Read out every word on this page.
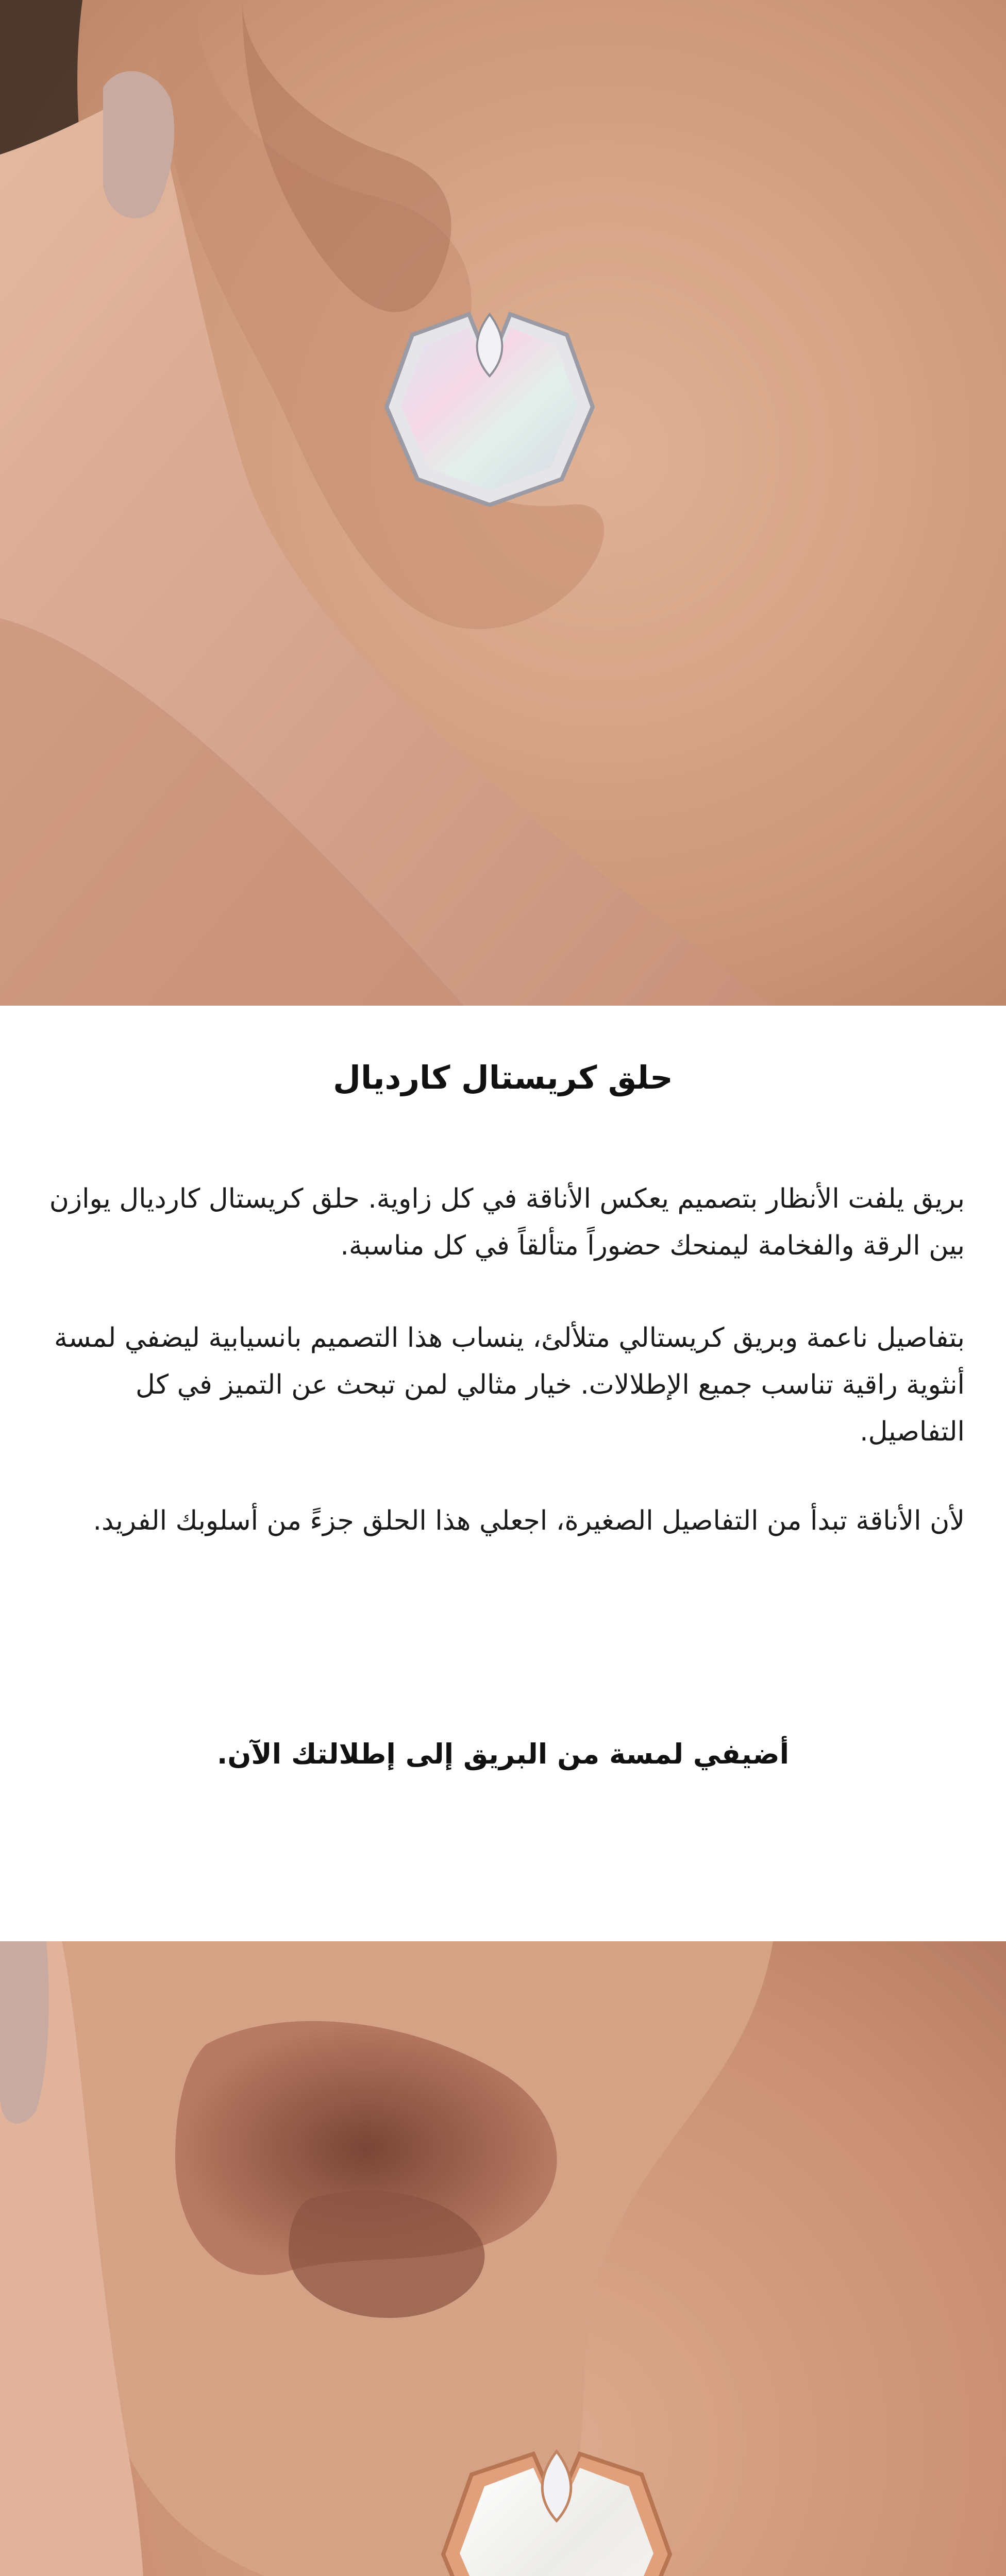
حلق كريستال كارديال

بريق يلفت الأنظار بتصميم يعكس الأناقة في كل زاوية. حلق كريستال كارديال يوازن بين الرقة والفخامة ليمنحك حضوراً متألقاً في كل مناسبة.

بتفاصيل ناعمة وبريق كريستالي متلألئ، ينساب هذا التصميم بانسيابية ليضفي لمسة أنثوية راقية تناسب جميع الإطلالات. خيار مثالي لمن تبحث عن التميز في كل التفاصيل.

لأن الأناقة تبدأ من التفاصيل الصغيرة، اجعلي هذا الحلق جزءً من أسلوبك الفريد.

أضيفي لمسة من البريق إلى إطلالتك الآن.
